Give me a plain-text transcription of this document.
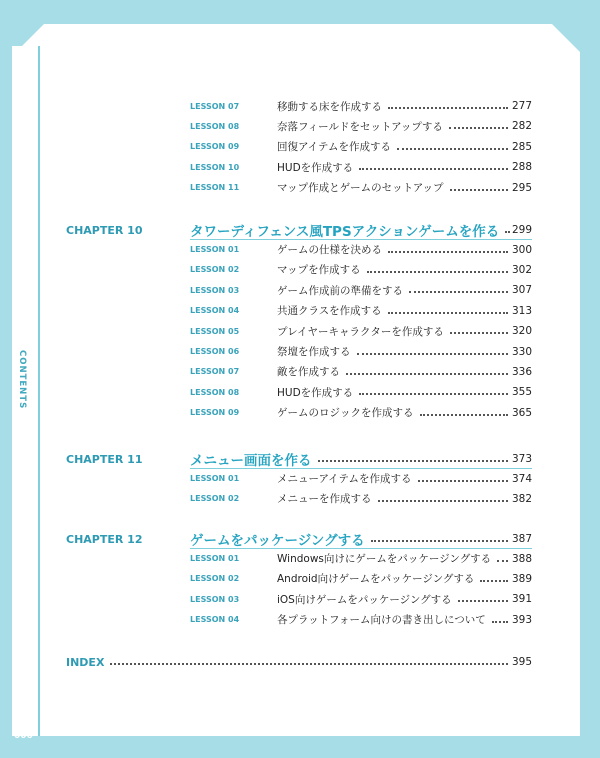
CONTENTS
006
LESSON 07	移動する床を作成する	277
LESSON 08	奈落フィールドをセットアップする	282
LESSON 09	回復アイテムを作成する	285
LESSON 10	HUDを作成する	288
LESSON 11	マップ作成とゲームのセットアップ	295
CHAPTER 10	タワーディフェンス風TPSアクションゲームを作る 299
LESSON 01	ゲームの仕様を決める	300
LESSON 02	マップを作成する	302
LESSON 03	ゲーム作成前の準備をする	307
LESSON 04	共通クラスを作成する	313
LESSON 05	プレイヤーキャラクターを作成する	320
LESSON 06	祭壇を作成する	330
LESSON 07	敵を作成する	336
LESSON 08	HUDを作成する	355
LESSON 09	ゲームのロジックを作成する	365
CHAPTER 11	メニュー画面を作る	373
LESSON 01	メニューアイテムを作成する	374
LESSON 02	メニューを作成する	382
CHAPTER 12	ゲームをパッケージングする	387
LESSON 01	Windows向けにゲームをパッケージングする 388
LESSON 02	Android向けゲームをパッケージングする	389
LESSON 03	iOS向けゲームをパッケージングする	391
LESSON 04	各プラットフォーム向けの書き出しについて 393
INDEX	395
